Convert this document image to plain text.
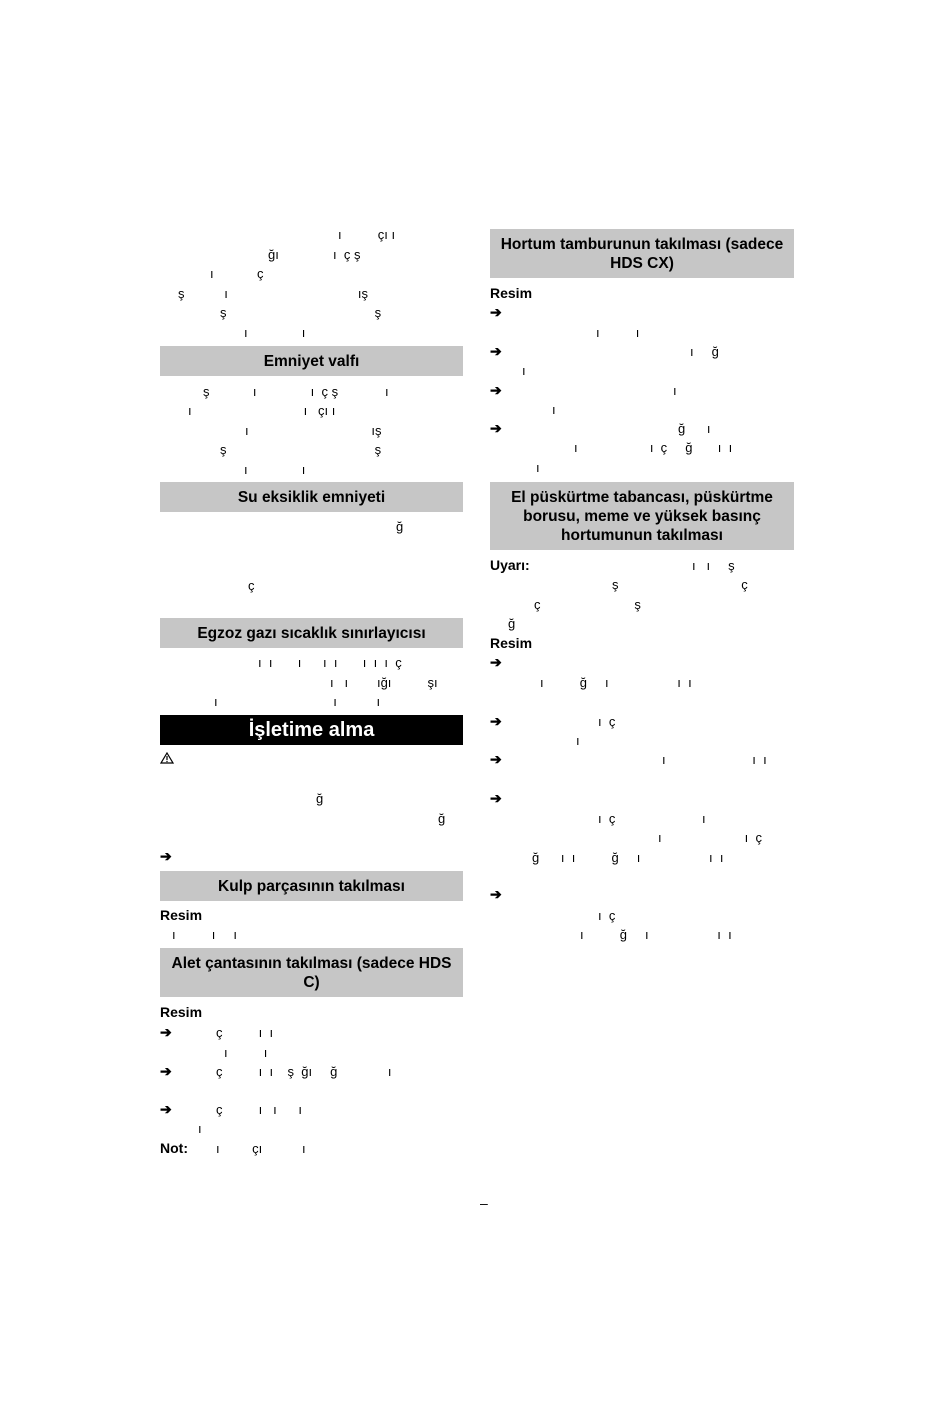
ı          çı ı
ğı               ı  ç ş
ı            ç
ş           ı                                    ış
ş                                         ş
ı               ı
Emniyet valfı
ş            ı               ı  ç ş             ı
ı                               ı   çı ı
ı                                  ış
ş                                         ş
ı               ı
Su eksiklik emniyeti
ğ
ç
Egzoz gazı sıcaklık sınırlayıcısı
ı  ı       ı      ı  ı       ı  ı  ı  ç
ı   ı        ığı          şı
ı                                ı           ı
İşletime alma
ğ
ğ
➔
Kulp parçasının takılması
Resim
ı          ı     ı
Alet çantasının takılması (sadece HDS C)
Resim
➔	ç          ı  ı
ı          ı
➔	ç          ı  ı    ş  ğı     ğ              ı
➔	ç          ı   ı      ı
ı
Not: ı         çı           ı
Hortum tamburunun takılması (sadece HDS CX)
Resim
➔
ı          ı
➔	ı     ğ
ı
➔	ı
ı
➔	ğ      ı
ı                    ı  ç     ğ       ı  ı
ı
El püskürtme tabancası, püskürtme borusu, meme ve yüksek basınç hortumunun takılması
Uyarı:	ı   ı     ş
ş                                  ç
ç                          ş
ğ
Resim
➔
ı          ğ     ı                   ı  ı
➔	ı  ç
ı
➔	ı                        ı  ı
➔
ı  ç                        ı
ı                       ı  ç
ğ      ı  ı          ğ     ı                   ı  ı
➔
ı  ç
ı          ğ     ı                   ı  ı
–
